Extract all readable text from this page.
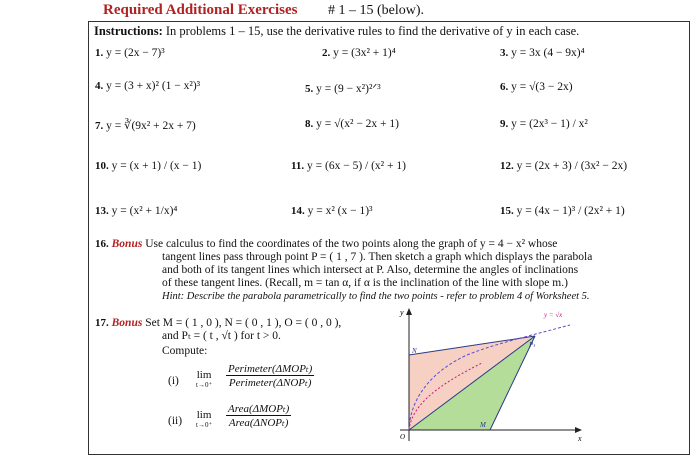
Required Additional Exercises # 1 – 15 (below).
Instructions: In problems 1 – 15, use the derivative rules to find the derivative of y in each case.
1. y = (2x − 7)³	2. y = (3x² + 1)⁴	3. y = 3x (4 − 9x)⁴
4. y = (3 + x)² (1 − x²)³	5. y = (9 − x²)²ᐟ³	6. y = √(3 − 2x)
7. y = ∛(9x² + 2x + 7)	8. y = √(x² − 2x + 1)	9. y = (2x³ − 1) / x²
10. y = (x + 1) / (x − 1)	11. y = (6x − 5) / (x² + 1)	12. y = (2x + 3) / (3x² − 2x)
13. y = (x² + 1/x)⁴	14. y = x² (x − 1)³	15. y = (4x − 1)³ / (2x² + 1)
16. Bonus Use calculus to find the coordinates of the two points along the graph of y = 4 − x² whose
tangent lines pass through point P = ( 1 , 7 ). Then sketch a graph which displays the parabola
and both of its tangent lines which intersect at P. Also, determine the angles of inclinations
of these tangent lines. (Recall, m = tan α, if α is the inclination of the line with slope m.)
Hint: Describe the parabola parametrically to find the two points - refer to problem 4 of Worksheet 5.
17. Bonus Set M = ( 1 , 0 ), N = ( 0 , 1 ), O = ( 0 , 0 ),
and Pₜ = ( t , √t ) for t > 0.
Compute:
(i) lim
t→0⁺
Perimeter(ΔMOPₜ)
Perimeter(ΔNOPₜ)
(ii) lim
t→0⁺
Area(ΔMOPₜ)
Area(ΔNOPₜ)
y
x
N
M
O
Pₜ
y = √x
